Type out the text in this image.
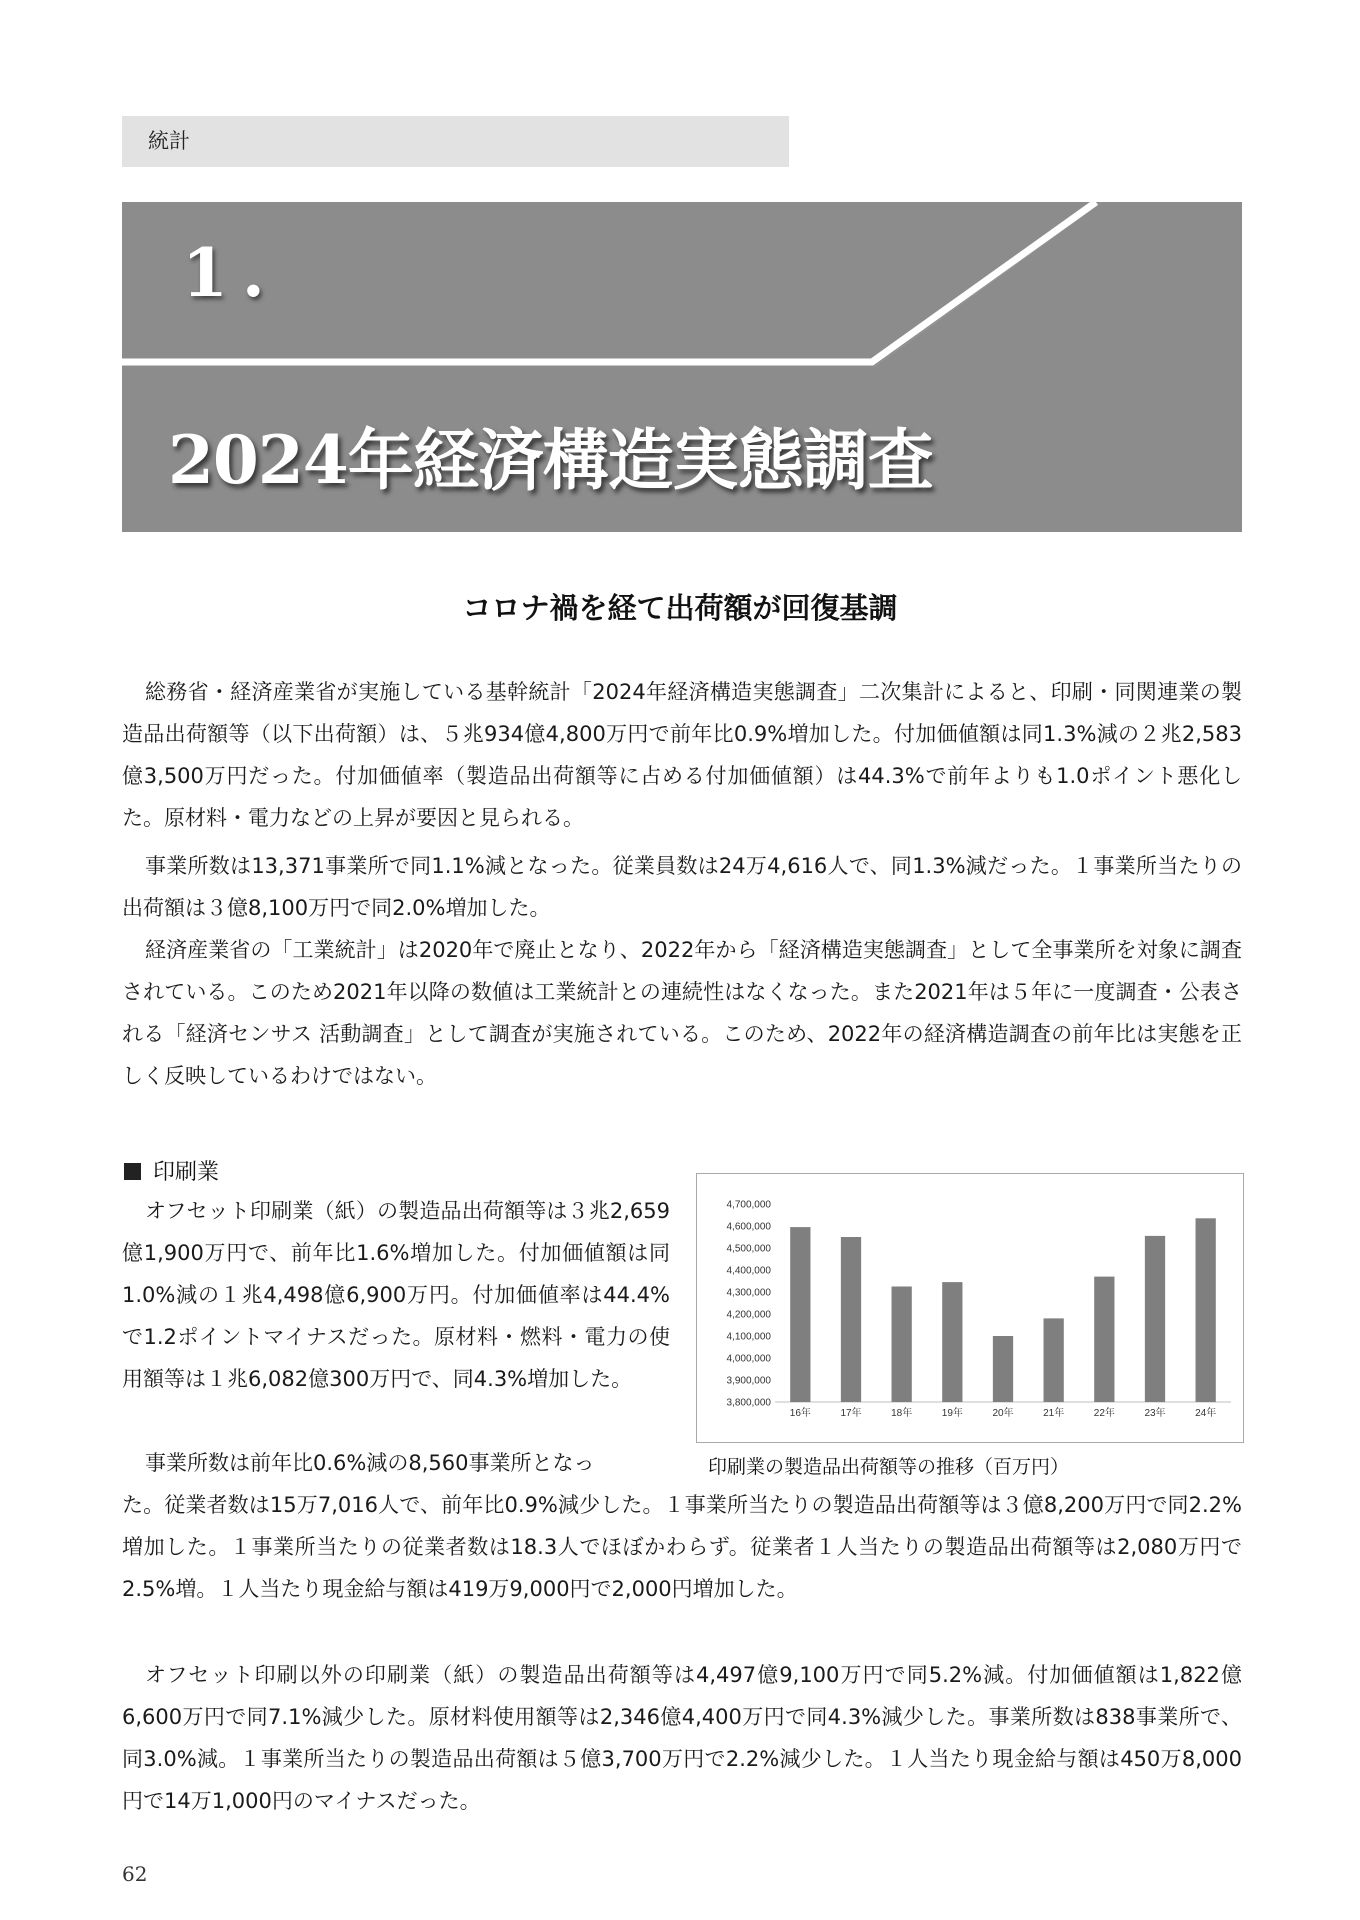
統計
1.
2024年経済構造実態調査
コロナ禍を経て出荷額が回復基調

総務省・経済産業省が実施している基幹統計「2024年経済構造実態調査」二次集計によると、印刷・同関連業の製造品出荷額等（以下出荷額）は、５兆934億4,800万円で前年比0.9%増加した。付加価値額は同1.3%減の２兆2,583億3,500万円だった。付加価値率（製造品出荷額等に占める付加価値額）は44.3%で前年よりも1.0ポイント悪化した。原材料・電力などの上昇が要因と見られる。

事業所数は13,371事業所で同1.1%減となった。従業員数は24万4,616人で、同1.3%減だった。１事業所当たりの出荷額は３億8,100万円で同2.0%増加した。

経済産業省の「工業統計」は2020年で廃止となり、2022年から「経済構造実態調査」として全事業所を対象に調査されている。このため2021年以降の数値は工業統計との連続性はなくなった。また2021年は５年に一度調査・公表される「経済センサス 活動調査」として調査が実施されている。このため、2022年の経済構造調査の前年比は実態を正しく反映しているわけではない。

印刷業

オフセット印刷業（紙）の製造品出荷額等は３兆2,659億1,900万円で、前年比1.6%増加した。付加価値額は同1.0%減の１兆4,498億6,900万円。付加価値率は44.4%で1.2ポイントマイナスだった。原材料・燃料・電力の使用額等は１兆6,082億300万円で、同4.3%増加した。

3,800,000
3,900,000
4,000,000
4,100,000
4,200,000
4,300,000
4,400,000
4,500,000
4,600,000
4,700,000
16年	17年	18年	19年	20年	21年	22年	23年	24年
印刷業の製造品出荷額等の推移（百万円）

事業所数は前年比0.6%減の8,560事業所となっ
た。従業者数は15万7,016人で、前年比0.9%減少した。１事業所当たりの製造品出荷額等は３億8,200万円で同2.2%増加した。１事業所当たりの従業者数は18.3人でほぼかわらず。従業者１人当たりの製造品出荷額等は2,080万円で2.5%増。１人当たり現金給与額は419万9,000円で2,000円増加した。

オフセット印刷以外の印刷業（紙）の製造品出荷額等は4,497億9,100万円で同5.2%減。付加価値額は1,822億6,600万円で同7.1%減少した。原材料使用額等は2,346億4,400万円で同4.3%減少した。事業所数は838事業所で、同3.0%減。１事業所当たりの製造品出荷額は５億3,700万円で2.2%減少した。１人当たり現金給与額は450万8,000円で14万1,000円のマイナスだった。

62
